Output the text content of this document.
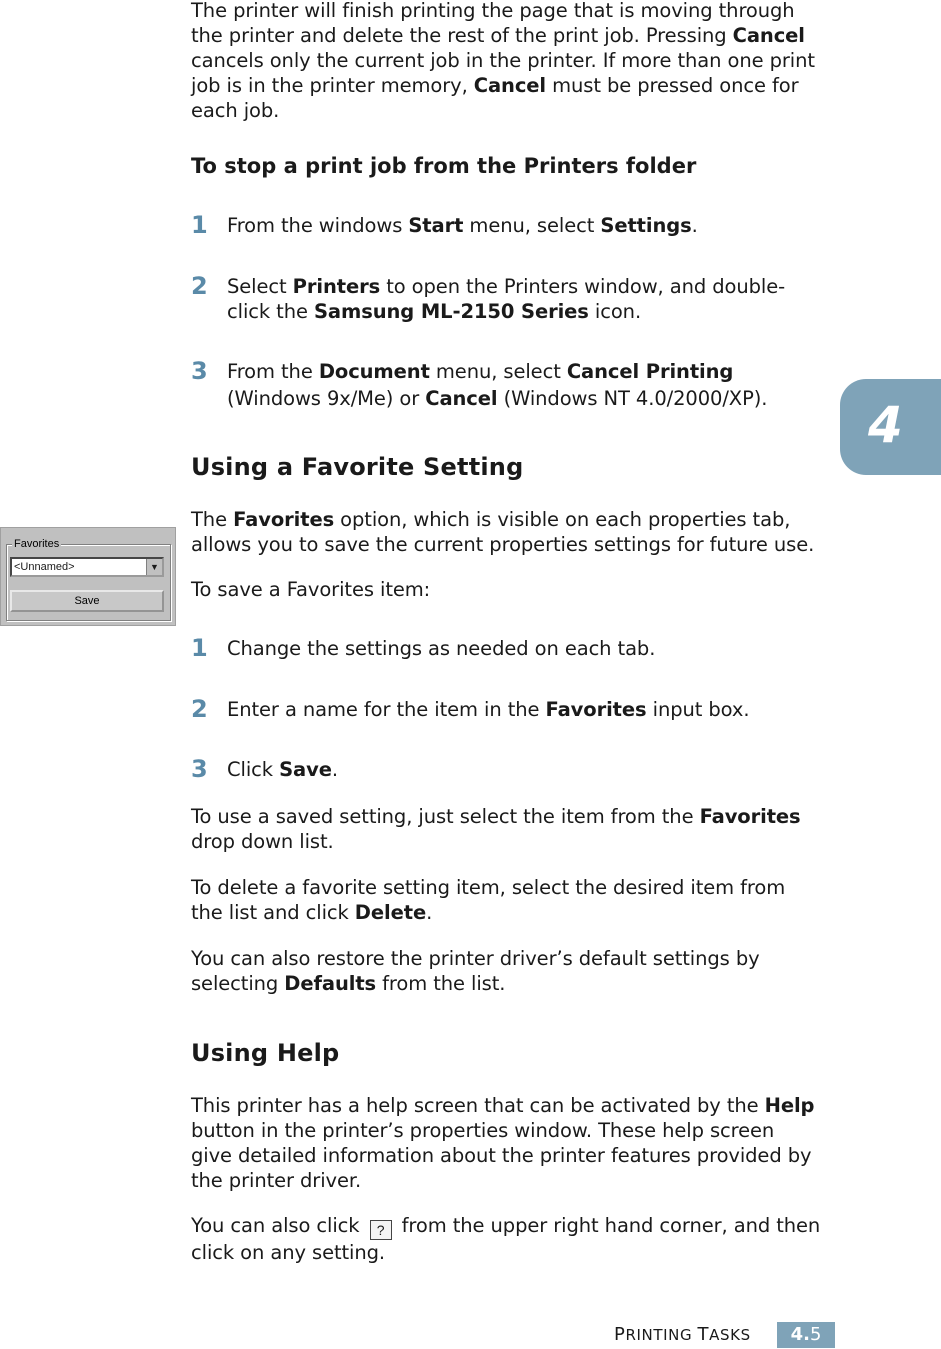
The printer will finish printing the page that is moving through
the printer and delete the rest of the print job. Pressing Cancel
cancels only the current job in the printer. If more than one print
job is in the printer memory, Cancel must be pressed once for
each job.
To stop a print job from the Printers folder
1 From the windows Start menu, select Settings.
2 Select Printers to open the Printers window, and double-
click the Samsung ML-2150 Series icon.
3 From the Document menu, select Cancel Printing
(Windows 9x/Me) or Cancel (Windows NT 4.0/2000/XP).	4
Using a Favorite Setting
The Favorites option, which is visible on each properties tab,
allows you to save the current properties settings for future use.
To save a Favorites item:
Favorites
<Unnamed>	▼
Save
1 Change the settings as needed on each tab.
2 Enter a name for the item in the Favorites input box.
3 Click Save.
To use a saved setting, just select the item from the Favorites
drop down list.
To delete a favorite setting item, select the desired item from
the list and click Delete.
You can also restore the printer driver’s default settings by
selecting Defaults from the list.
Using Help
This printer has a help screen that can be activated by the Help
button in the printer’s properties window. These help screen
give detailed information about the printer features provided by
the printer driver.
You can also click ? from the upper right hand corner, and then
click on any setting.
PRINTING TASKS	4.5
